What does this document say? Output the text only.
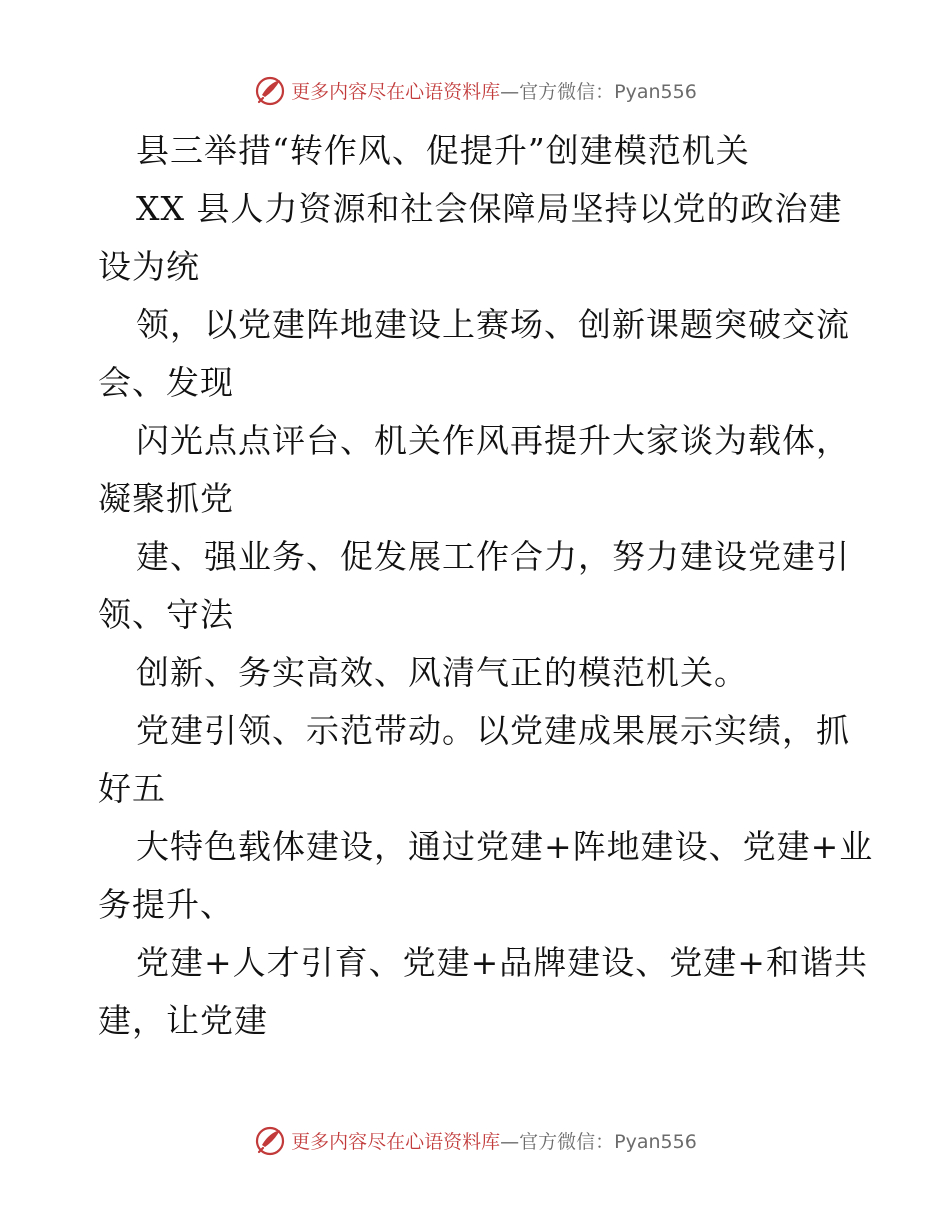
更多内容尽在心语资料库—官方微信：Pyan556
县三举措“转作风、促提升”创建模范机关
XX 县人力资源和社会保障局坚持以党的政治建
设为统
领，以党建阵地建设上赛场、创新课题突破交流
会、发现
闪光点点评台、机关作风再提升大家谈为载体，
凝聚抓党
建、强业务、促发展工作合力，努力建设党建引
领、守法
创新、务实高效、风清气正的模范机关。
党建引领、示范带动。以党建成果展示实绩，抓
好五
大特色载体建设，通过党建+阵地建设、党建+业
务提升、
党建+人才引育、党建+品牌建设、党建+和谐共
建，让党建
更多内容尽在心语资料库—官方微信：Pyan556
